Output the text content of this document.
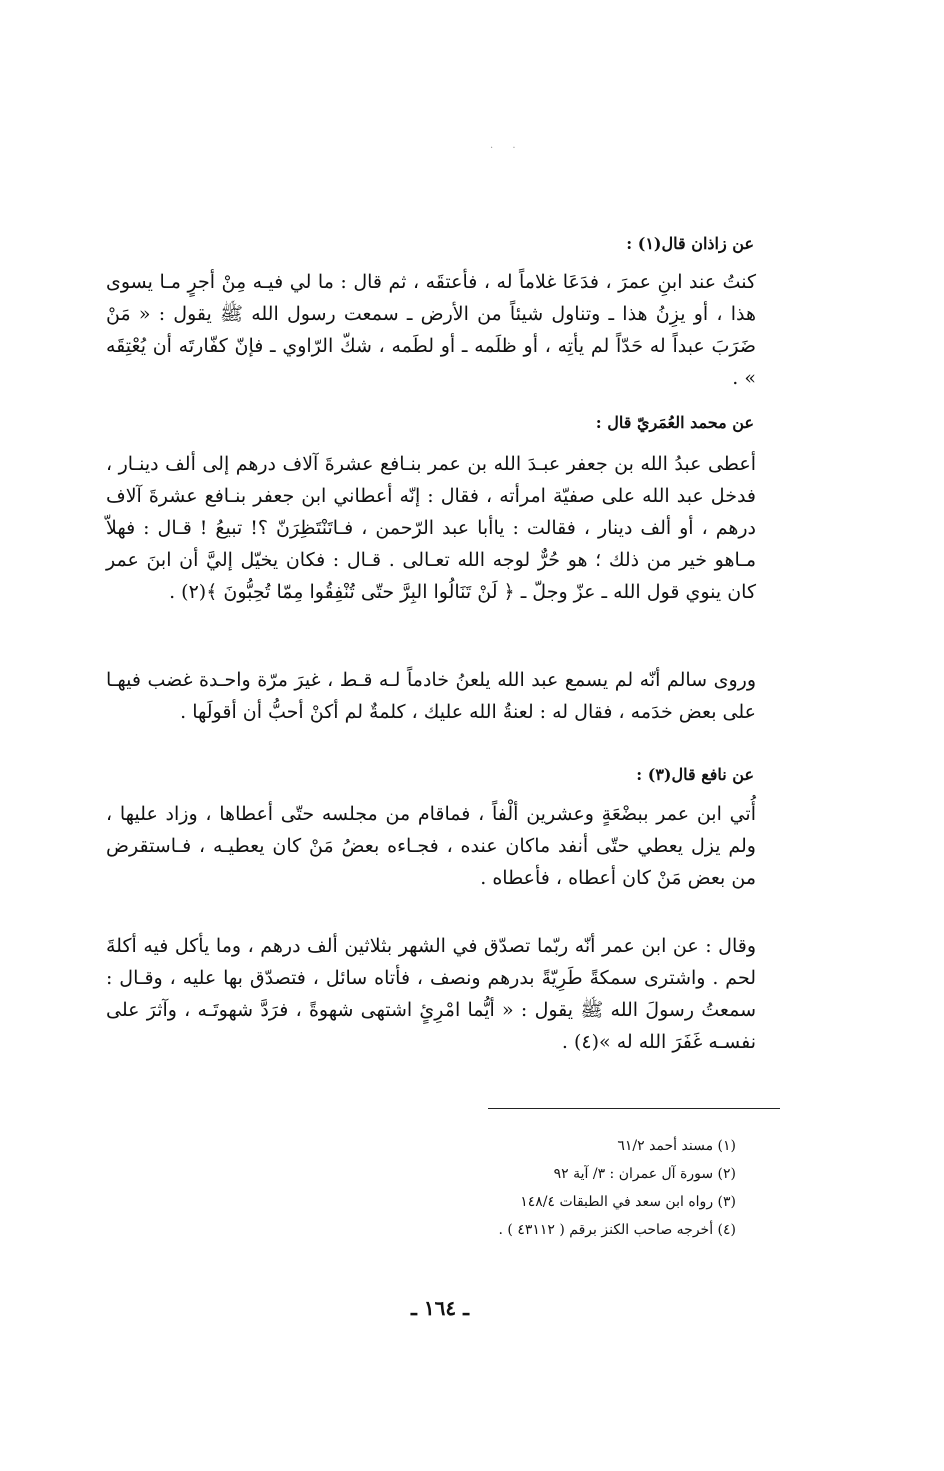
. .
عن زاذان قال(١) :

كنتُ عند ابنِ عمرَ ، فدَعَا غلاماً له ، فأعتقَه ، ثم قال : ما لي فيـه مِنْ أجرٍ مـا يسوى هذا ، أو يزِنُ هذا ـ وتناول شيئاً من الأرض ـ سمعت رسول الله ﷺ يقول : « مَنْ ضَرَبَ عبداً له حَدّاً لم يأتِه ، أو ظلَمه ـ أو لطَمه ، شكّ الرّاوي ـ فإنّ كفّارتَه أن يُعْتِقَه » .

عن محمد العُمَريّ قال :

أعطى عبدُ الله بن جعفر عبـدَ الله بن عمر بنـافع عشرةَ آلاف درهم إلى ألف دينـار ، فدخل عبد الله على صفيّة امرأته ، فقال : إنّه أعطاني ابن جعفر بنـافع عشرةَ آلاف درهم ، أو ألف دينار ، فقالت : ياأبا عبد الرّحمن ، فـاتَنْتَظِرَنّ ؟! تبيعُ ! قـال : فهلاّ مـاهو خير من ذلك ؛ هو حُرٌّ لوجه الله تعـالى . قـال : فكان يخيّل إليَّ أن ابنَ عمر كان ينوي قول الله ـ عزّ وجلّ ـ ﴿ لَنْ تَنَالُوا البِرَّ حتّى تُنْفِقُوا مِمّا تُحِبُّونَ ﴾(٢) .

وروى سالم أنّه لم يسمع عبد الله يلعنُ خادماً لـه قـط ، غيرَ مرّة واحـدة غضب فيهـا على بعض خدَمه ، فقال له : لعنةُ الله عليك ، كلمةٌ لم أكنْ أحبُّ أن أقولَها .

عن نافع قال(٣) :

أُتي ابن عمر ببضْعَةٍ وعشرين ألْفاً ، فماقام من مجلسه حتّى أعطاها ، وزاد عليها ، ولم يزل يعطي حتّى أنفد ماكان عنده ، فجـاءه بعضُ مَنْ كان يعطيـه ، فـاستقرض من بعض مَنْ كان أعطاه ، فأعطاه .

وقال : عن ابن عمر أنّه ربّما تصدّق في الشهر بثلاثين ألف درهم ، وما يأكل فيه أكلةَ لحم . واشترى سمكةً طَرِيّةً بدرهم ونصف ، فأتاه سائل ، فتصدّق بها عليه ، وقـال : سمعتُ رسولَ الله ﷺ يقول : « أيُّما امْرِئٍ اشتهى شهوةً ، فرَدَّ شهوتَـه ، وآثرَ على نفسـه غَفَرَ الله له »(٤) .

(١) مسند أحمد ٦١/٢
(٢) سورة آل عمران : ٣/ آية ٩٢
(٣) رواه ابن سعد في الطبقات ١٤٨/٤
(٤) أخرجه صاحب الكنز برقم ( ٤٣١١٢ ) .
ـ ١٦٤ ـ
